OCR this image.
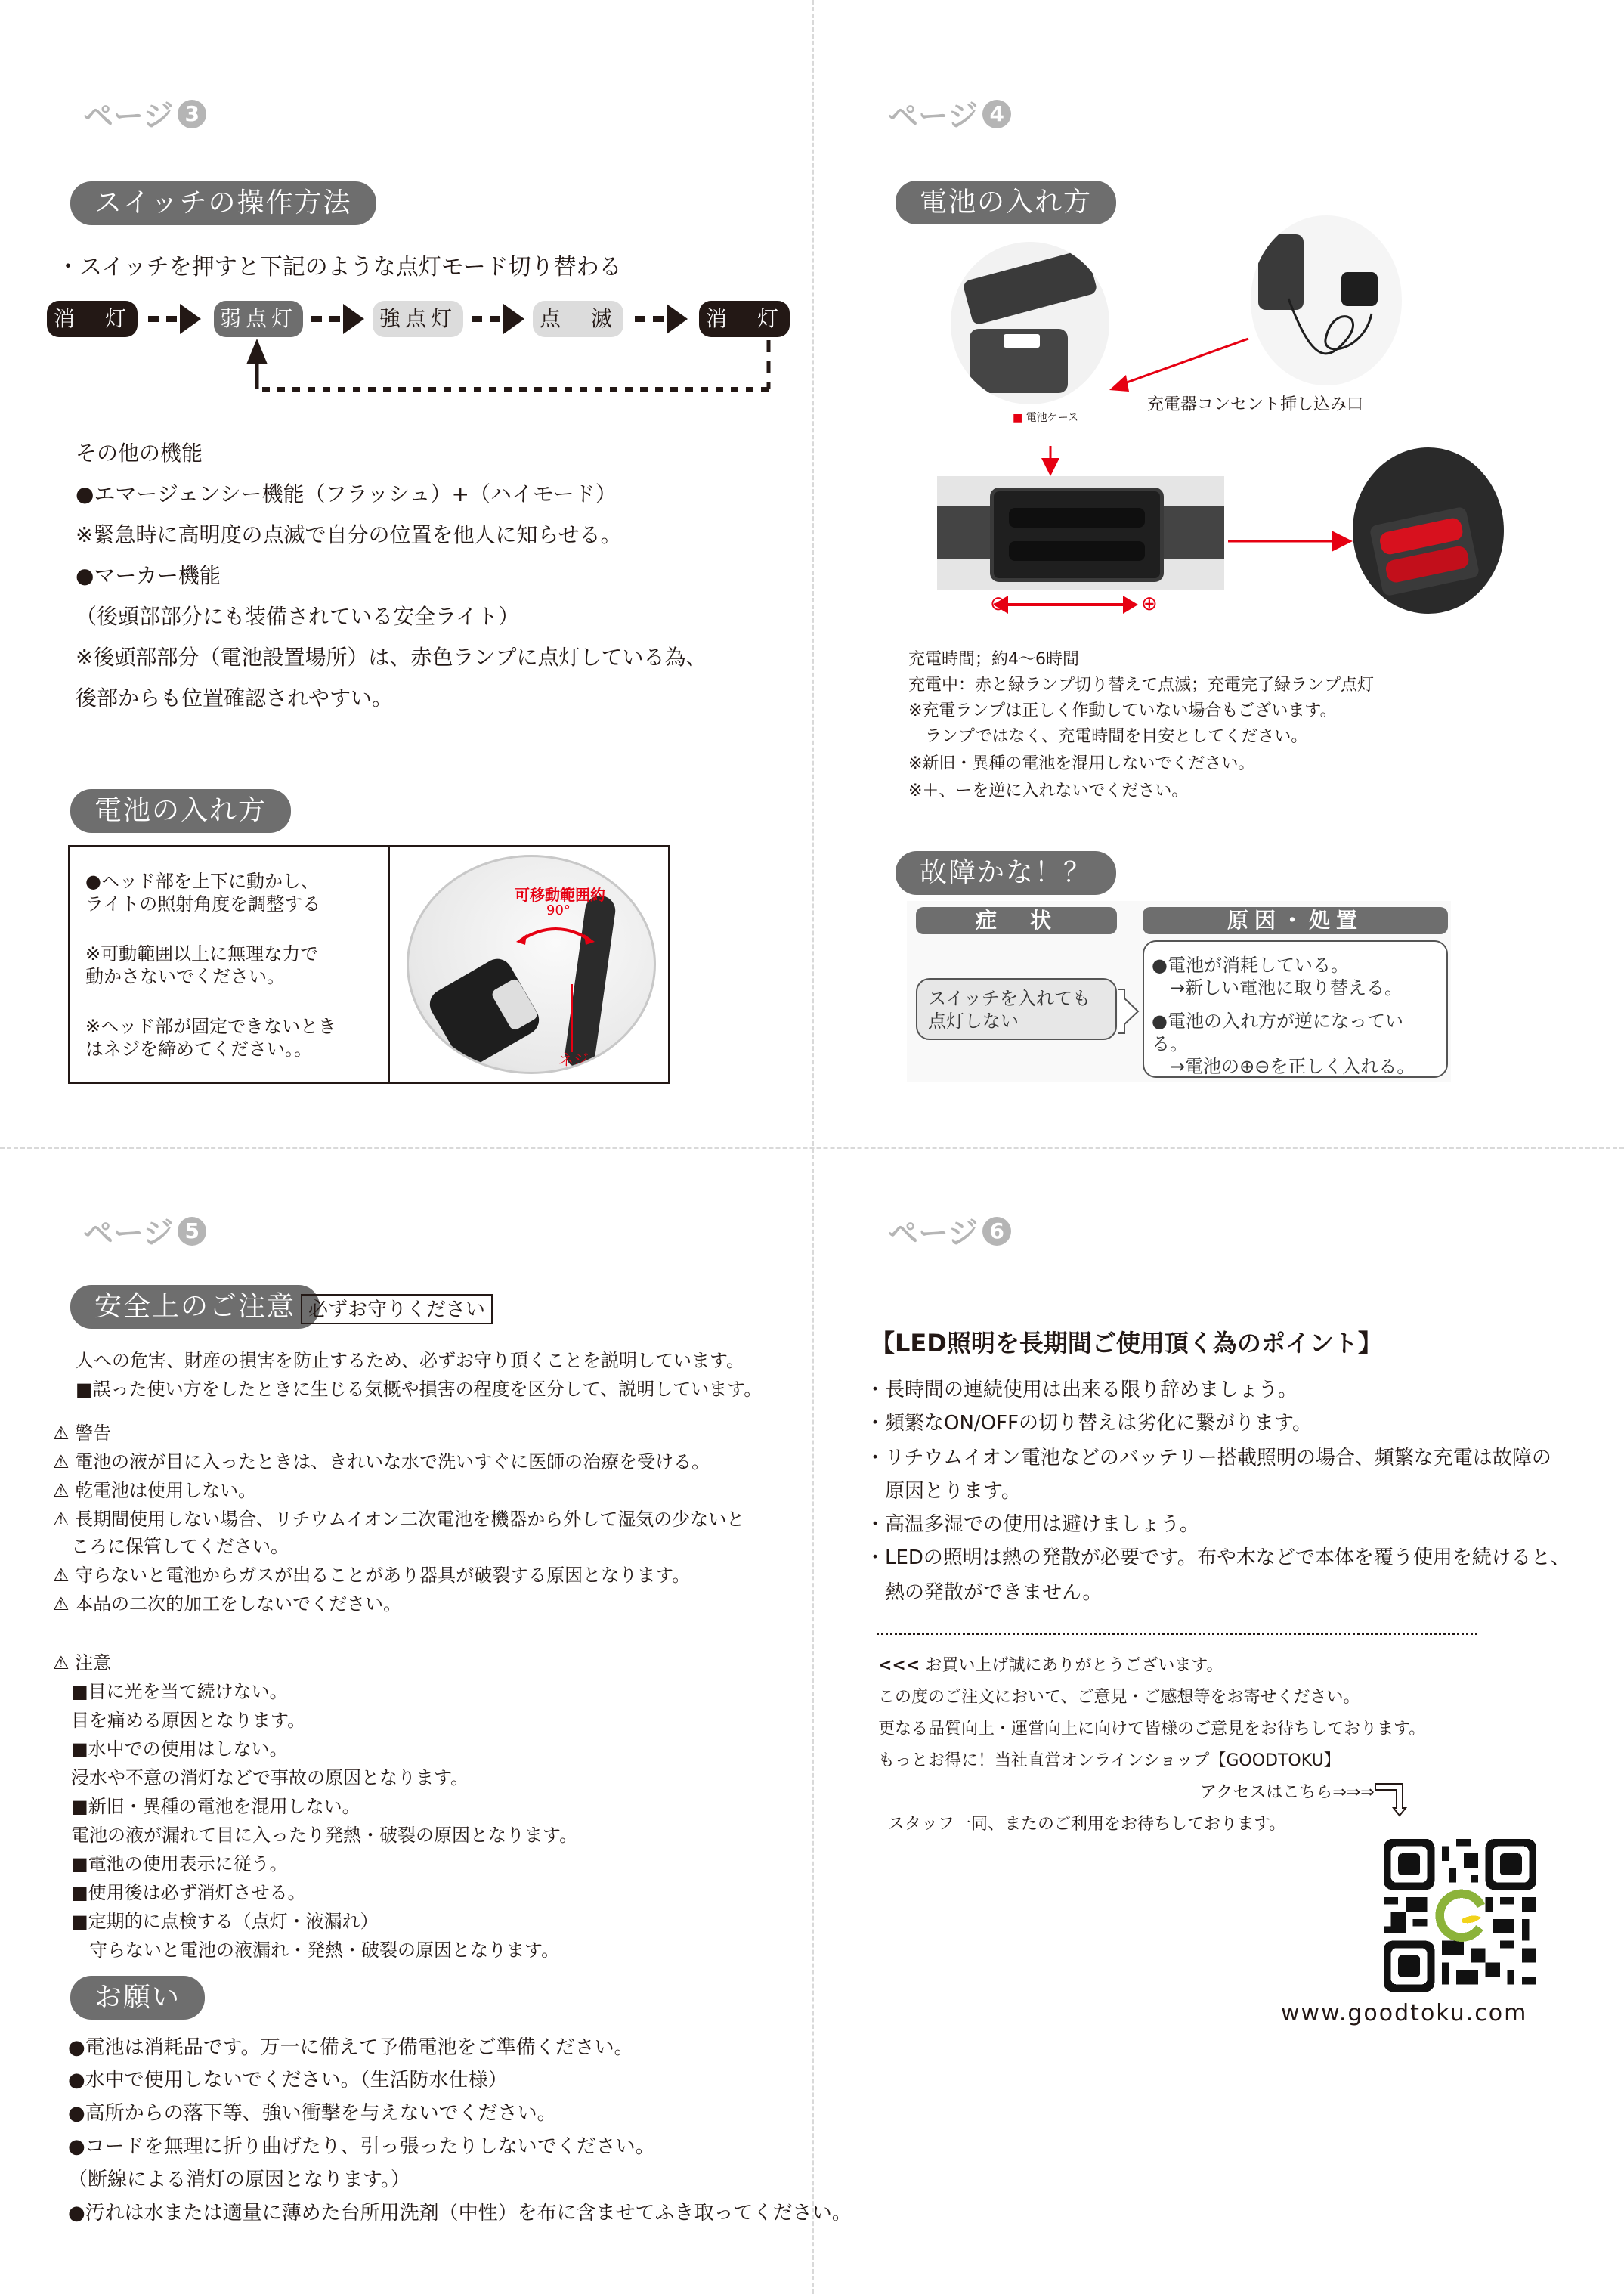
ページ 3
スイッチの操作方法
・スイッチを押すと下記のような点灯モード切り替わる
消　灯	弱点灯	強点灯	点　滅	消　灯
その他の機能
●エマージェンシー機能（フラッシュ）+（ハイモード）
※緊急時に高明度の点滅で自分の位置を他人に知らせる。
●マーカー機能
（後頭部部分にも装備されている安全ライト）
※後頭部部分（電池設置場所）は、赤色ランプに点灯している為、
後部からも位置確認されやすい。
電池の入れ方
●ヘッド部を上下に動かし、
ライトの照射角度を調整する
※可動範囲以上に無理な力で
動かさないでください。
※ヘッド部が固定できないとき
はネジを締めてください。。
可移動範囲約
90°
ネジ
ページ 4
電池の入れ方
■ 電池ケース
充電器コンセント挿し込み口
⊖	⊕
充電時間；約4～6時間
充電中：赤と緑ランプ切り替えて点滅；充電完了緑ランプ点灯
※充電ランプは正しく作動していない場合もございます。
　ランプではなく、充電時間を目安としてください。
※新旧・異種の電池を混用しないでください。
※＋、ーを逆に入れないでください。
故障かな！？
症　状	原因・処置
スイッチを入れても
点灯しない
●電池が消耗している。
　→新しい電池に取り替える。
●電池の入れ方が逆になっている。
　→電池の⊕⊖を正しく入れる。
ページ 5
安全上のご注意 必ずお守りください
人への危害、財産の損害を防止するため、必ずお守り頂くことを説明しています。
■誤った使い方をしたときに生じる気概や損害の程度を区分して、説明しています。
⚠ 警告
⚠ 電池の液が目に入ったときは、きれいな水で洗いすぐに医師の治療を受ける。
⚠ 乾電池は使用しない。
⚠ 長期間使用しない場合、リチウムイオン二次電池を機器から外して湿気の少ないと
　ころに保管してください。
⚠ 守らないと電池からガスが出ることがあり器具が破裂する原因となります。
⚠ 本品の二次的加工をしないでください。
⚠ 注意
　■目に光を当て続けない。
　目を痛める原因となります。
　■水中での使用はしない。
　浸水や不意の消灯などで事故の原因となります。
　■新旧・異種の電池を混用しない。
　電池の液が漏れて目に入ったり発熱・破裂の原因となります。
　■電池の使用表示に従う。
　■使用後は必ず消灯させる。
　■定期的に点検する（点灯・液漏れ）
　　守らないと電池の液漏れ・発熱・破裂の原因となります。
お願い
●電池は消耗品です。万一に備えて予備電池をご準備ください。
●水中で使用しないでください。（生活防水仕様）
●高所からの落下等、強い衝撃を与えないでください。
●コードを無理に折り曲げたり、引っ張ったりしないでください。
（断線による消灯の原因となります。）
●汚れは水または適量に薄めた台所用洗剤（中性）を布に含ませてふき取ってください。
ページ 6
【LED照明を長期間ご使用頂く為のポイント】
・長時間の連続使用は出来る限り辞めましょう。
・頻繁なON/OFFの切り替えは劣化に繋がります。
・リチウムイオン電池などのバッテリー搭載照明の場合、頻繁な充電は故障の
　原因とります。
・高温多湿での使用は避けましょう。
・LEDの照明は熱の発散が必要です。布や木などで本体を覆う使用を続けると、
　熱の発散ができません。
<<< お買い上げ誠にありがとうございます。
この度のご注文において、ご意見・ご感想等をお寄せください。
更なる品質向上・運営向上に向けて皆様のご意見をお待ちしております。
もっとお得に！当社直営オンラインショップ【GOODTOKU】
アクセスはこちら⇒⇒⇒
スタッフ一同、またのご利用をお待ちしております。
www.goodtoku.com
